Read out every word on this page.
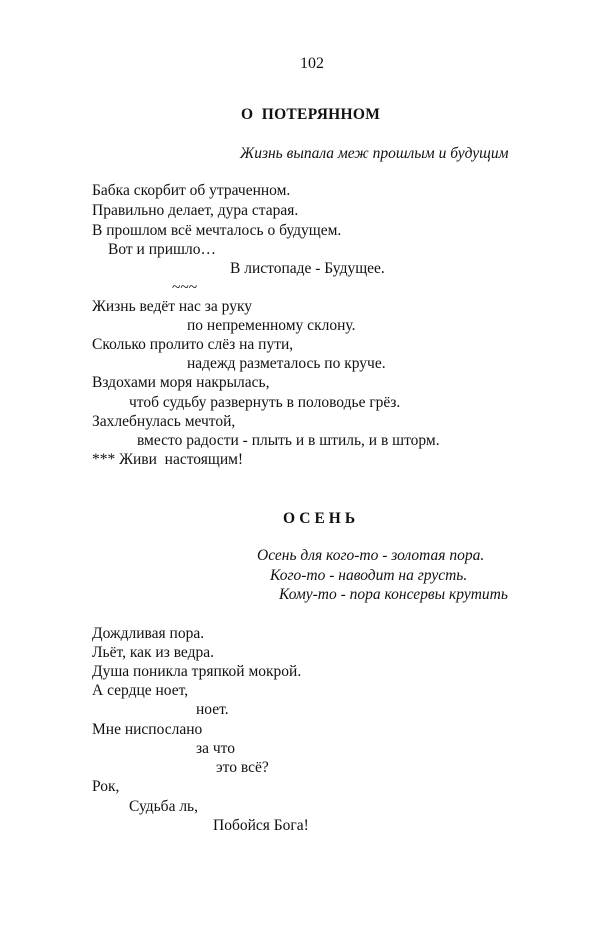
102
О  ПОТЕРЯННОМ
Жизнь выпала меж прошлым и будущим
Бабка скорбит об утраченном.
Правильно делает, дура старая.
В прошлом всё мечталось о будущем.
Вот и пришло…
В листопаде - Будущее.
~~~
Жизнь ведёт нас за руку
по непременному склону.
Сколько пролито слёз на пути,
надежд разметалось по круче.
Вздохами моря накрылась,
чтоб судьбу развернуть в половодье грёз.
Захлебнулась мечтой,
вместо радости - плыть и в штиль, и в шторм.
*** Живи  настоящим!
ОСЕНЬ
Осень для кого-то - золотая пора.
Кого-то - наводит на грусть.
Кому-то - пора консервы крутить
Дождливая пора.
Льёт, как из ведра.
Душа поникла тряпкой мокрой.
А сердце ноет,
ноет.
Мне ниспослано
за что
это всё?
Рок,
Судьба ль,
Побойся Бога!
